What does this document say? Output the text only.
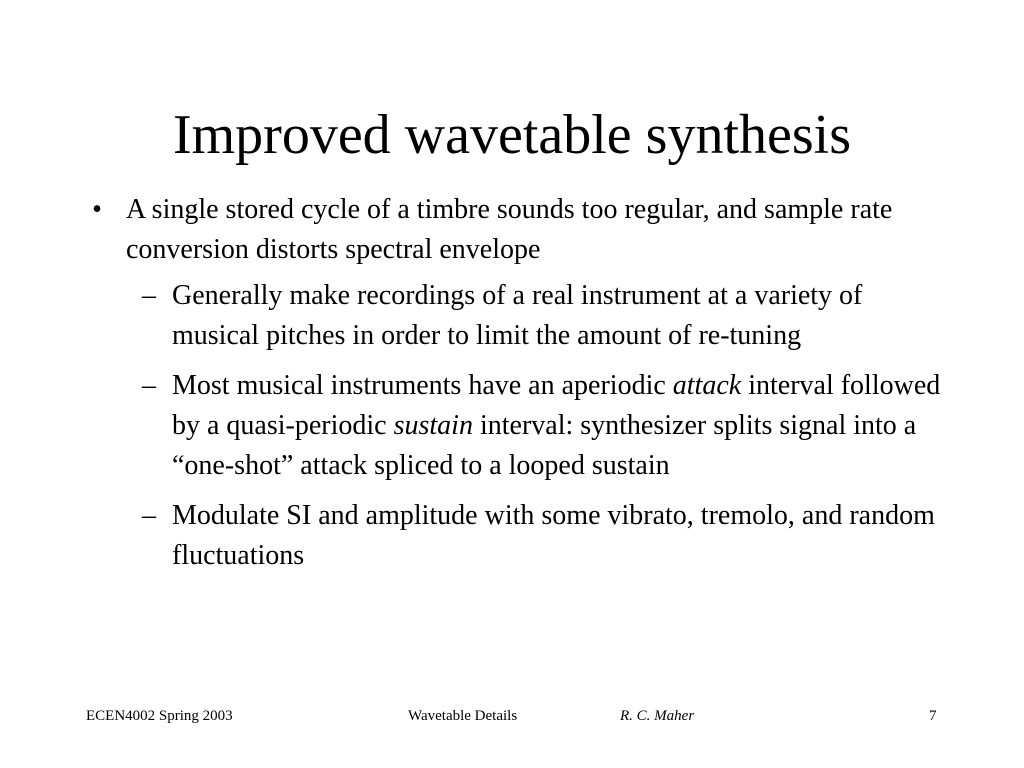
Improved wavetable synthesis
• A single stored cycle of a timbre sounds too regular, and sample rate conversion distorts spectral envelope
– Generally make recordings of a real instrument at a variety of musical pitches in order to limit the amount of re-tuning
– Most musical instruments have an aperiodic attack interval followed by a quasi-periodic sustain interval: synthesizer splits signal into a “one-shot” attack spliced to a looped sustain
– Modulate SI and amplitude with some vibrato, tremolo, and random fluctuations
ECEN4002 Spring 2003	Wavetable Details	R. C. Maher	7
